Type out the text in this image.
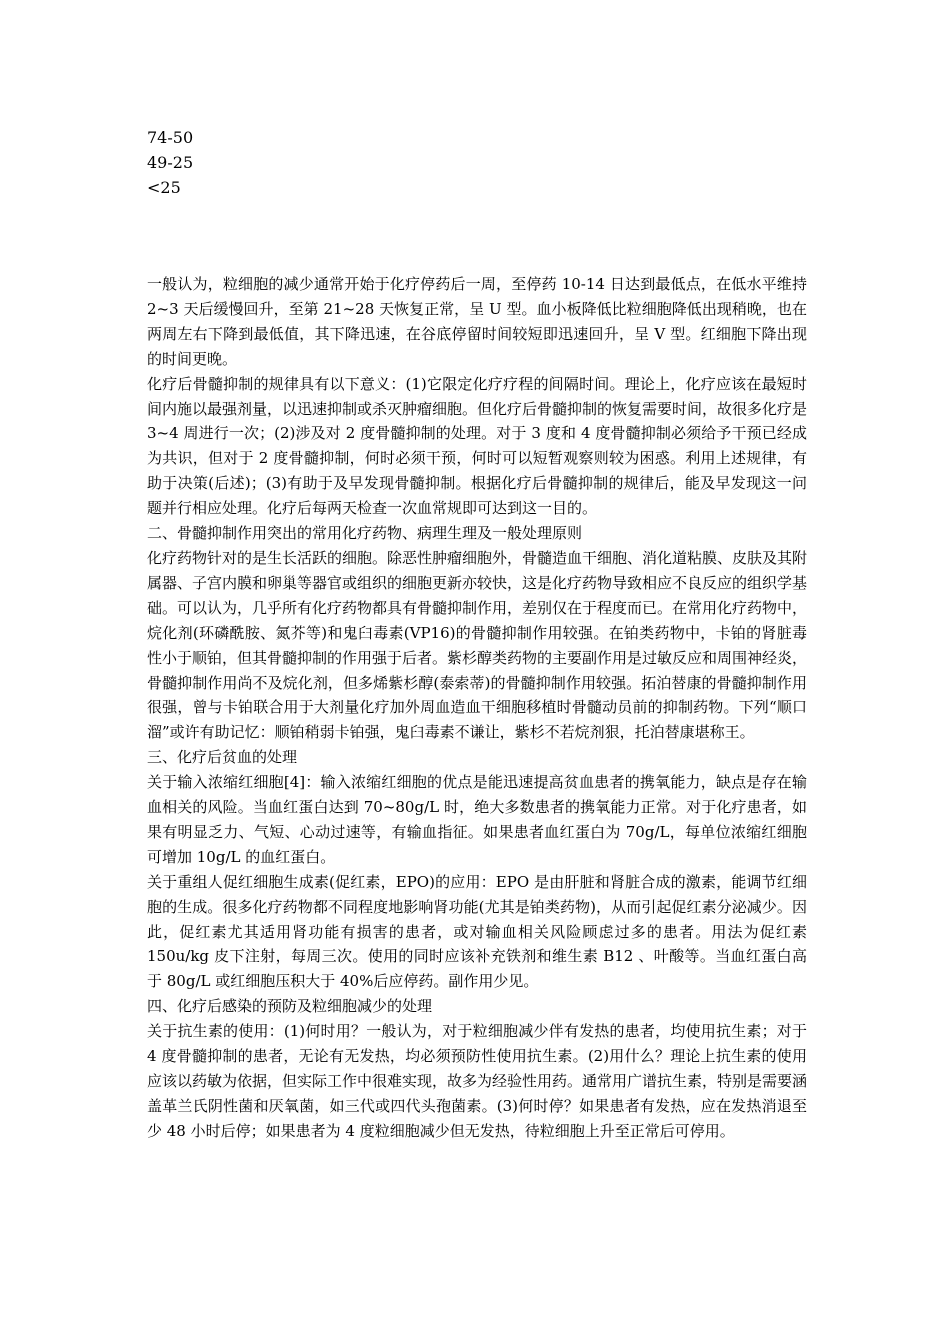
74-50
49-25
<25

一般认为，粒细胞的减少通常开始于化疗停药后一周，至停药 10-14 日达到最低点，在低水平维持 2~3 天后缓慢回升，至第 21~28 天恢复正常，呈 U 型。血小板降低比粒细胞降低出现稍晚，也在两周左右下降到最低值，其下降迅速，在谷底停留时间较短即迅速回升，呈 V 型。红细胞下降出现的时间更晚。

化疗后骨髓抑制的规律具有以下意义：(1)它限定化疗疗程的间隔时间。理论上，化疗应该在最短时间内施以最强剂量，以迅速抑制或杀灭肿瘤细胞。但化疗后骨髓抑制的恢复需要时间，故很多化疗是 3~4 周进行一次；(2)涉及对 2 度骨髓抑制的处理。对于 3 度和 4 度骨髓抑制必须给予干预已经成为共识，但对于 2 度骨髓抑制，何时必须干预，何时可以短暂观察则较为困惑。利用上述规律，有助于决策(后述)；(3)有助于及早发现骨髓抑制。根据化疗后骨髓抑制的规律后，能及早发现这一问题并行相应处理。化疗后每两天检查一次血常规即可达到这一目的。

二、骨髓抑制作用突出的常用化疗药物、病理生理及一般处理原则

化疗药物针对的是生长活跃的细胞。除恶性肿瘤细胞外，骨髓造血干细胞、消化道粘膜、皮肤及其附属器、子宫内膜和卵巢等器官或组织的细胞更新亦较快，这是化疗药物导致相应不良反应的组织学基础。可以认为，几乎所有化疗药物都具有骨髓抑制作用，差别仅在于程度而已。在常用化疗药物中，烷化剂(环磷酰胺、氮芥等)和鬼臼毒素(VP16)的骨髓抑制作用较强。在铂类药物中，卡铂的肾脏毒性小于顺铂，但其骨髓抑制的作用强于后者。紫杉醇类药物的主要副作用是过敏反应和周围神经炎，骨髓抑制作用尚不及烷化剂，但多烯紫杉醇(泰索蒂)的骨髓抑制作用较强。拓泊替康的骨髓抑制作用很强，曾与卡铂联合用于大剂量化疗加外周血造血干细胞移植时骨髓动员前的抑制药物。下列“顺口溜”或许有助记忆：顺铂稍弱卡铂强，鬼臼毒素不谦让，紫杉不若烷剂狠，托泊替康堪称王。

三、化疗后贫血的处理

关于输入浓缩红细胞[4]：输入浓缩红细胞的优点是能迅速提高贫血患者的携氧能力，缺点是存在输血相关的风险。当血红蛋白达到 70~80g/L 时，绝大多数患者的携氧能力正常。对于化疗患者，如果有明显乏力、气短、心动过速等，有输血指征。如果患者血红蛋白为 70g/L，每单位浓缩红细胞可增加 10g/L 的血红蛋白。

关于重组人促红细胞生成素(促红素，EPO)的应用：EPO 是由肝脏和肾脏合成的激素，能调节红细胞的生成。很多化疗药物都不同程度地影响肾功能(尤其是铂类药物)，从而引起促红素分泌减少。因此，促红素尤其适用肾功能有损害的患者，或对输血相关风险顾虑过多的患者。用法为促红素 150u/kg 皮下注射，每周三次。使用的同时应该补充铁剂和维生素 B12 、叶酸等。当血红蛋白高于 80g/L 或红细胞压积大于 40%后应停药。副作用少见。

四、化疗后感染的预防及粒细胞减少的处理

关于抗生素的使用：(1)何时用？一般认为，对于粒细胞减少伴有发热的患者，均使用抗生素；对于 4 度骨髓抑制的患者，无论有无发热，均必须预防性使用抗生素。(2)用什么？理论上抗生素的使用应该以药敏为依据，但实际工作中很难实现，故多为经验性用药。通常用广谱抗生素，特别是需要涵盖革兰氏阴性菌和厌氧菌，如三代或四代头孢菌素。(3)何时停？如果患者有发热，应在发热消退至少 48 小时后停；如果患者为 4 度粒细胞减少但无发热，待粒细胞上升至正常后可停用。
